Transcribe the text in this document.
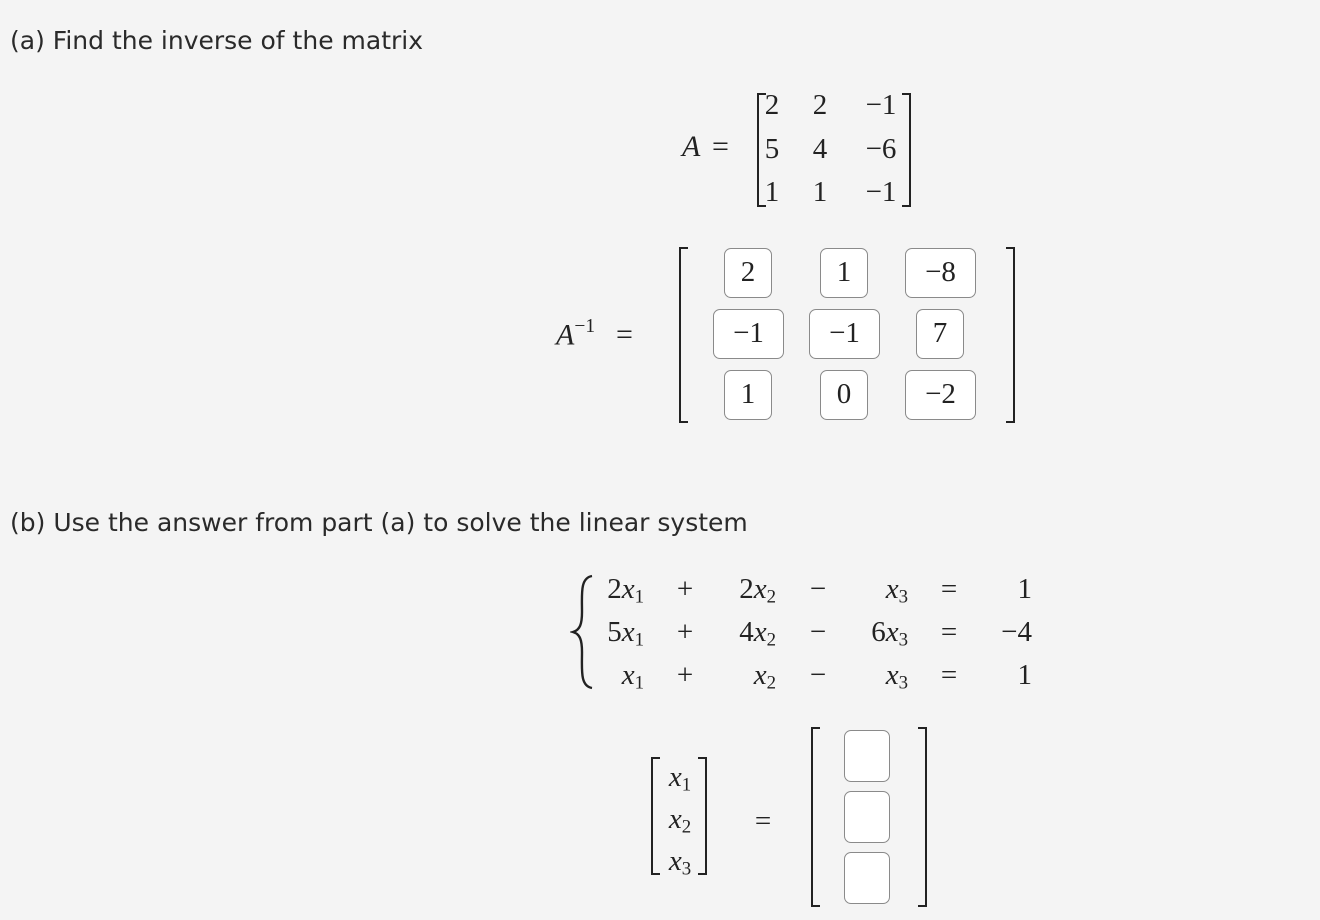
(a) Find the inverse of the matrix
A =
2	2	−1
5	4	−6
1	1	−1
$A^{-1}$ =
2	1	−8
−1	−1	7
1	0	−2
(b) Use the answer from part (a) to solve the linear system
$2x_1$ +	$2x_2$ −	$x_3$ =	1
$5x_1$ +	$4x_2$ −	$6x_3$ =	−4
$x_1$ +	$x_2$ −	$x_3$ =	1
$x_1$
$x_2$
$x_3$
=
